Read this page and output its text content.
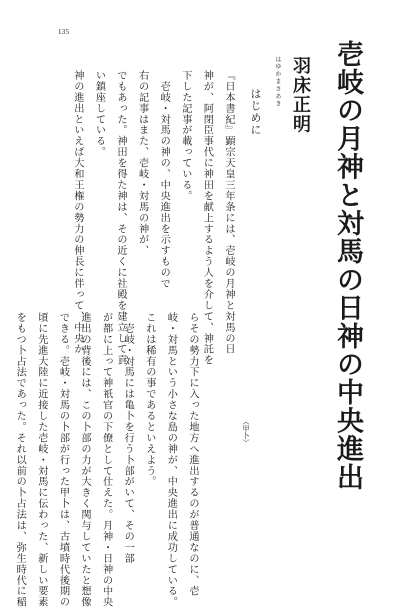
135
壱岐の月神と対馬の日神の中央進出
はゆかまさあき 羽床正明
はじめに
『日本書紀』顕宗天皇三年条には、壱岐の月神と対馬の日
神が、阿閉臣事代に神田を献上するよう人を介して、神託を
下した記事が載っている。
　壱岐・対馬の神の、中央進出を示すもので
右の記事はまた、壱岐・対馬の神が、
でもあった。神田を得た神は、その近くに社殿を建立して貢
い鎮座している。
神の進出といえば大和王権の勢力の伸長に伴って、中央か
らその勢力下に入った地方へ進出するのが普通なのに、壱
岐・対馬という小さな島の神が、中央進出に成功している。
これは稀有の事であるといえよう。
　壱岐・対馬には亀卜を行う卜部がいて、その一部
が都に上って神祇官の下僚として仕えた。月神・日神の中央
進出の背後には、この卜部の力が大きく関与していたと想像
できる。壱岐・対馬の卜部が行った甲卜は、古墳時代後期の
頃に先進大陸に近接した壱岐・対馬に伝わった、新しい要素
をもつ卜占法であった。それ以前の卜占法は、弥生時代に稲	（甲卜）
